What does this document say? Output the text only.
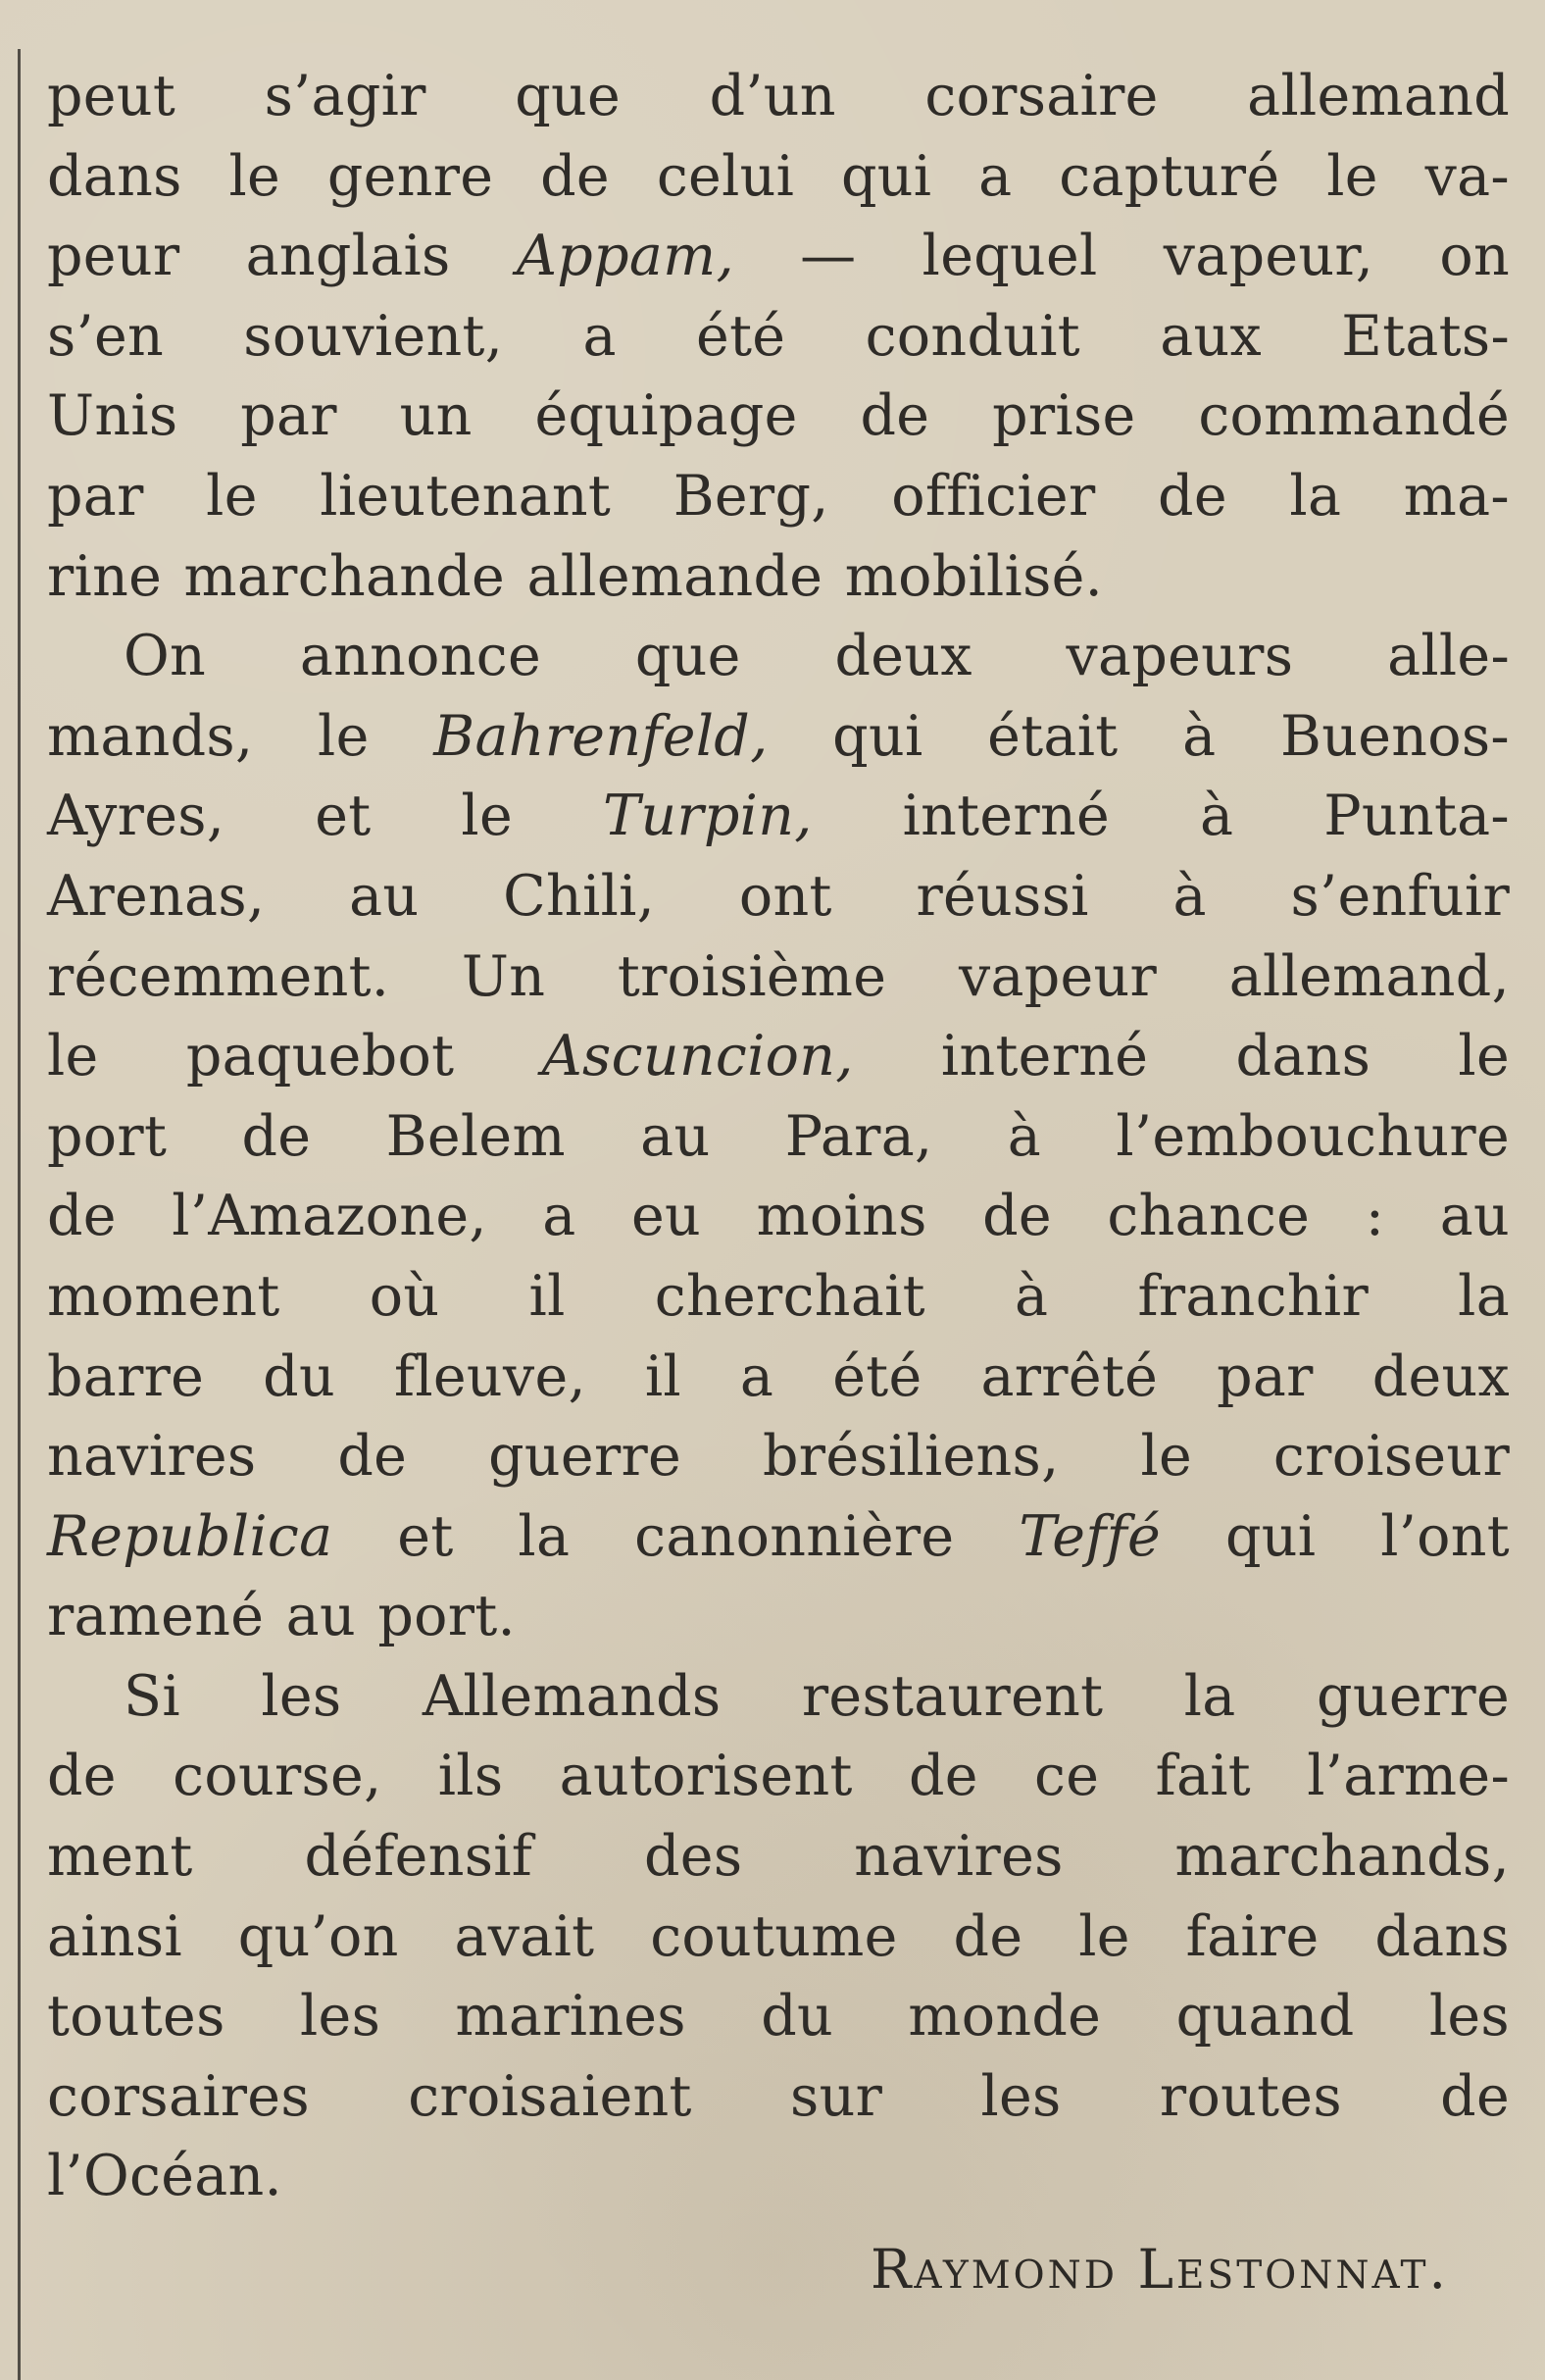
peut s’agir que d’un corsaire allemand

dans le genre de celui qui a capturé le va-

peur anglais Appam, — lequel vapeur, on

s’en souvient, a été conduit aux Etats-

Unis par un équipage de prise commandé

par le lieutenant Berg, officier de la ma-

rine marchande allemande mobilisé.

On annonce que deux vapeurs alle-

mands, le Bahrenfeld, qui était à Buenos-

Ayres, et le Turpin, interné à Punta-

Arenas, au Chili, ont réussi à s’enfuir

récemment. Un troisième vapeur allemand,

le paquebot Ascuncion, interné dans le

port de Belem au Para, à l’embouchure

de l’Amazone, a eu moins de chance : au

moment où il cherchait à franchir la

barre du fleuve, il a été arrêté par deux

navires de guerre brésiliens, le croiseur

Republica et la canonnière Teffé qui l’ont

ramené au port.

Si les Allemands restaurent la guerre

de course, ils autorisent de ce fait l’arme-

ment défensif des navires marchands,

ainsi qu’on avait coutume de le faire dans

toutes les marines du monde quand les

corsaires croisaient sur les routes de

l’Océan.

Raymond Lestonnat.
